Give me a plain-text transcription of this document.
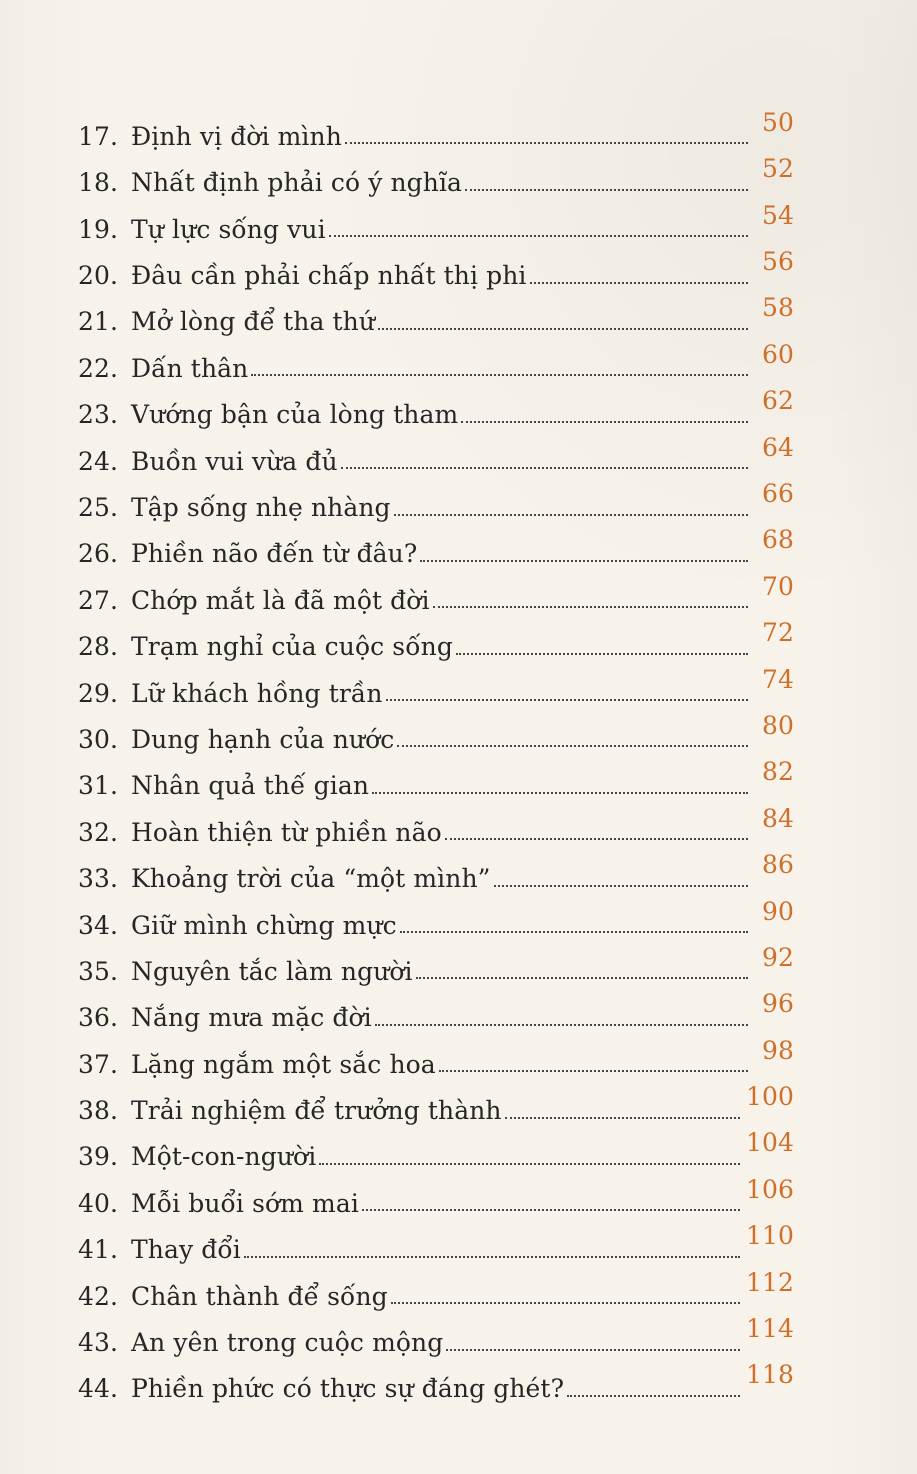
17. Định vị đời mình	50
18. Nhất định phải có ý nghĩa	52
19. Tự lực sống vui	54
20. Đâu cần phải chấp nhất thị phi	56
21. Mở lòng để tha thứ	58
22. Dấn thân	60
23. Vướng bận của lòng tham	62
24. Buồn vui vừa đủ	64
25. Tập sống nhẹ nhàng	66
26. Phiền não đến từ đâu?	68
27. Chớp mắt là đã một đời	70
28. Trạm nghỉ của cuộc sống	72
29. Lữ khách hồng trần	74
30. Dung hạnh của nước	80
31. Nhân quả thế gian	82
32. Hoàn thiện từ phiền não	84
33. Khoảng trời của “một mình”	86
34. Giữ mình chừng mực	90
35. Nguyên tắc làm người	92
36. Nắng mưa mặc đời	96
37. Lặng ngắm một sắc hoa	98
38. Trải nghiệm để trưởng thành	100
39. Một-con-người	104
40. Mỗi buổi sớm mai	106
41. Thay đổi	110
42. Chân thành để sống	112
43. An yên trong cuộc mộng	114
44. Phiền phức có thực sự đáng ghét?	118
